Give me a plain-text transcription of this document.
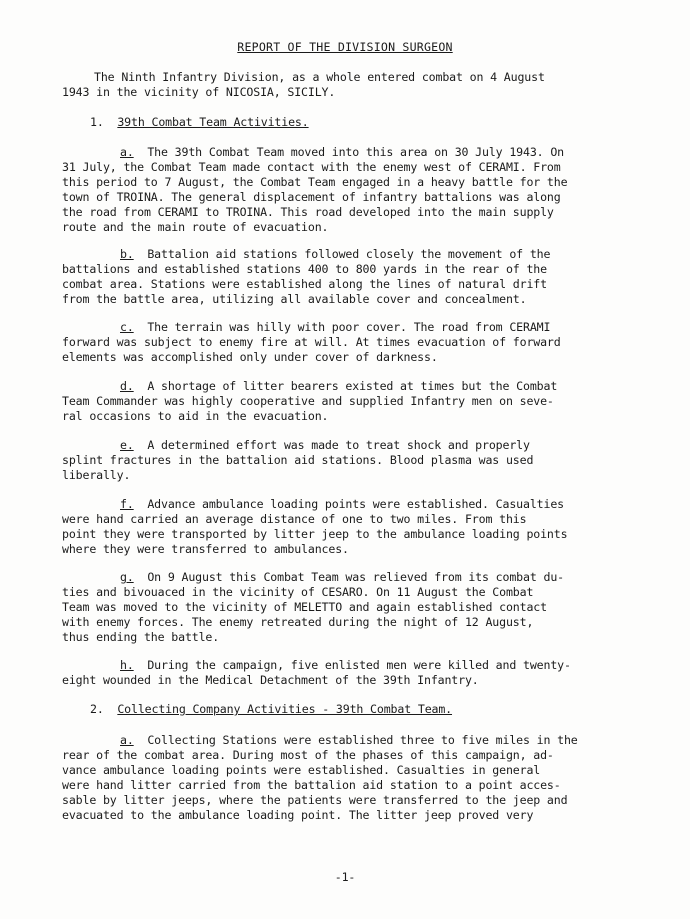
REPORT OF THE DIVISION SURGEON
The Ninth Infantry Division, as a whole entered combat on 4 August
1943 in the vicinity of NICOSIA, SICILY.
1. 39th Combat Team Activities.
a. The 39th Combat Team moved into this area on 30 July 1943. On
31 July, the Combat Team made contact with the enemy west of CERAMI. From
this period to 7 August, the Combat Team engaged in a heavy battle for the
town of TROINA. The general displacement of infantry battalions was along
the road from CERAMI to TROINA. This road developed into the main supply
route and the main route of evacuation.
b. Battalion aid stations followed closely the movement of the
battalions and established stations 400 to 800 yards in the rear of the
combat area. Stations were established along the lines of natural drift
from the battle area, utilizing all available cover and concealment.
c. The terrain was hilly with poor cover. The road from CERAMI
forward was subject to enemy fire at will. At times evacuation of forward
elements was accomplished only under cover of darkness.
d. A shortage of litter bearers existed at times but the Combat
Team Commander was highly cooperative and supplied Infantry men on seve-
ral occasions to aid in the evacuation.
e. A determined effort was made to treat shock and properly
splint fractures in the battalion aid stations. Blood plasma was used
liberally.
f. Advance ambulance loading points were established. Casualties
were hand carried an average distance of one to two miles. From this
point they were transported by litter jeep to the ambulance loading points
where they were transferred to ambulances.
g. On 9 August this Combat Team was relieved from its combat du-
ties and bivouaced in the vicinity of CESARO. On 11 August the Combat
Team was moved to the vicinity of MELETTO and again established contact
with enemy forces. The enemy retreated during the night of 12 August,
thus ending the battle.
h. During the campaign, five enlisted men were killed and twenty-
eight wounded in the Medical Detachment of the 39th Infantry.
2. Collecting Company Activities - 39th Combat Team.
a. Collecting Stations were established three to five miles in the
rear of the combat area. During most of the phases of this campaign, ad-
vance ambulance loading points were established. Casualties in general
were hand litter carried from the battalion aid station to a point acces-
sable by litter jeeps, where the patients were transferred to the jeep and
evacuated to the ambulance loading point. The litter jeep proved very
-1-
